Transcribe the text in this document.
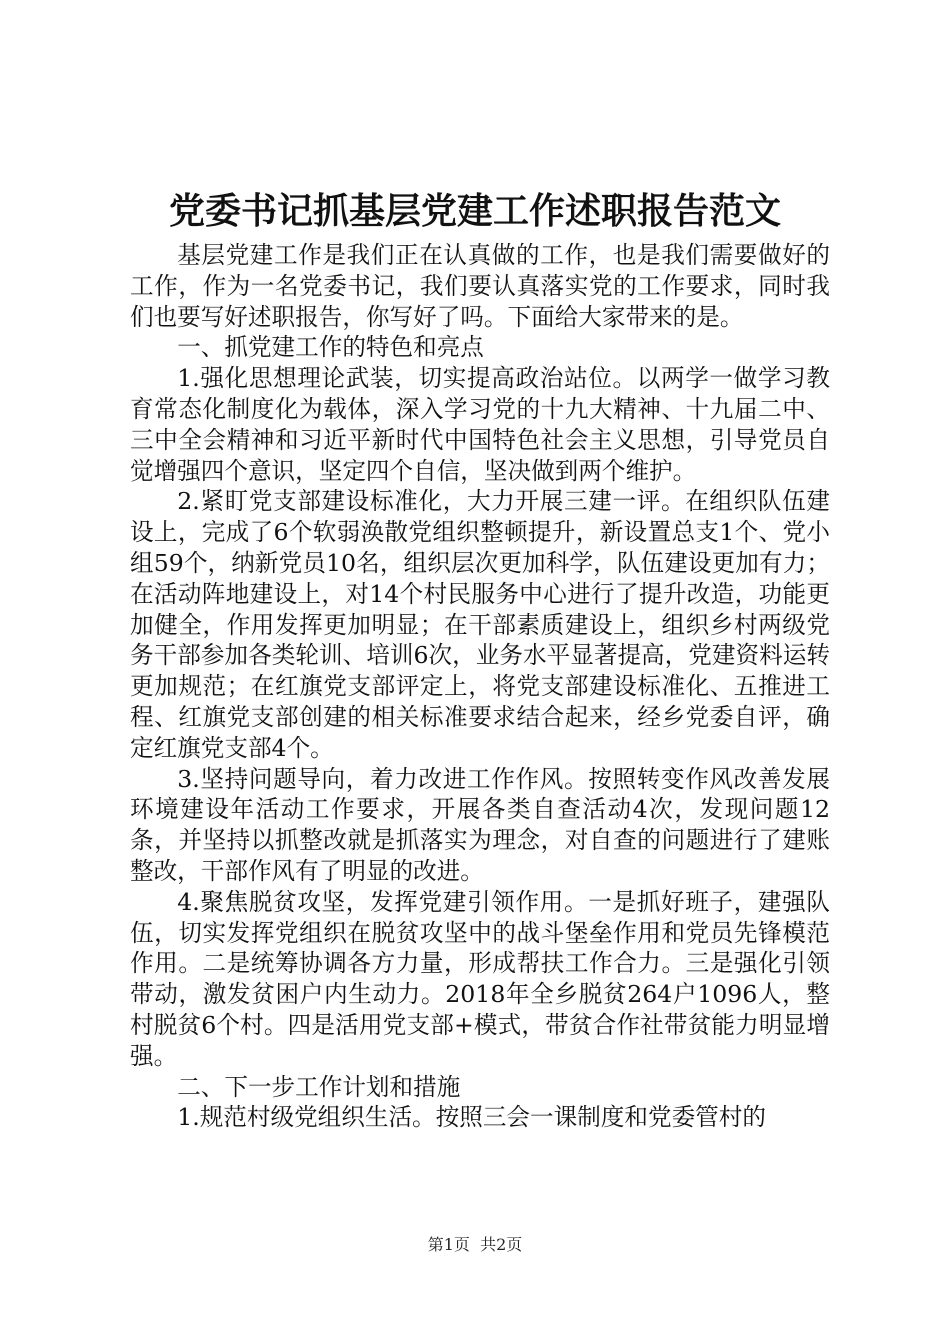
党委书记抓基层党建工作述职报告范文

基层党建工作是我们正在认真做的工作，也是我们需要做好的工作，作为一名党委书记，我们要认真落实党的工作要求，同时我们也要写好述职报告，你写好了吗。下面给大家带来的是。

一、抓党建工作的特色和亮点

1.强化思想理论武装，切实提高政治站位。以两学一做学习教育常态化制度化为载体，深入学习党的十九大精神、十九届二中、三中全会精神和习近平新时代中国特色社会主义思想，引导党员自觉增强四个意识，坚定四个自信，坚决做到两个维护。

2.紧盯党支部建设标准化，大力开展三建一评。在组织队伍建设上，完成了6个软弱涣散党组织整顿提升，新设置总支1个、党小组59个，纳新党员10名，组织层次更加科学，队伍建设更加有力；在活动阵地建设上，对14个村民服务中心进行了提升改造，功能更加健全，作用发挥更加明显；在干部素质建设上，组织乡村两级党务干部参加各类轮训、培训6次，业务水平显著提高，党建资料运转更加规范；在红旗党支部评定上，将党支部建设标准化、五推进工程、红旗党支部创建的相关标准要求结合起来，经乡党委自评，确定红旗党支部4个。

3.坚持问题导向，着力改进工作作风。按照转变作风改善发展环境建设年活动工作要求，开展各类自查活动4次，发现问题12条，并坚持以抓整改就是抓落实为理念，对自查的问题进行了建账整改，干部作风有了明显的改进。

4.聚焦脱贫攻坚，发挥党建引领作用。一是抓好班子，建强队伍，切实发挥党组织在脱贫攻坚中的战斗堡垒作用和党员先锋模范作用。二是统筹协调各方力量，形成帮扶工作合力。三是强化引领带动，激发贫困户内生动力。2018年全乡脱贫264户1096人，整村脱贫6个村。四是活用党支部+模式，带贫合作社带贫能力明显增强。

二、下一步工作计划和措施

1.规范村级党组织生活。按照三会一课制度和党委管村的

第1页  共2页
